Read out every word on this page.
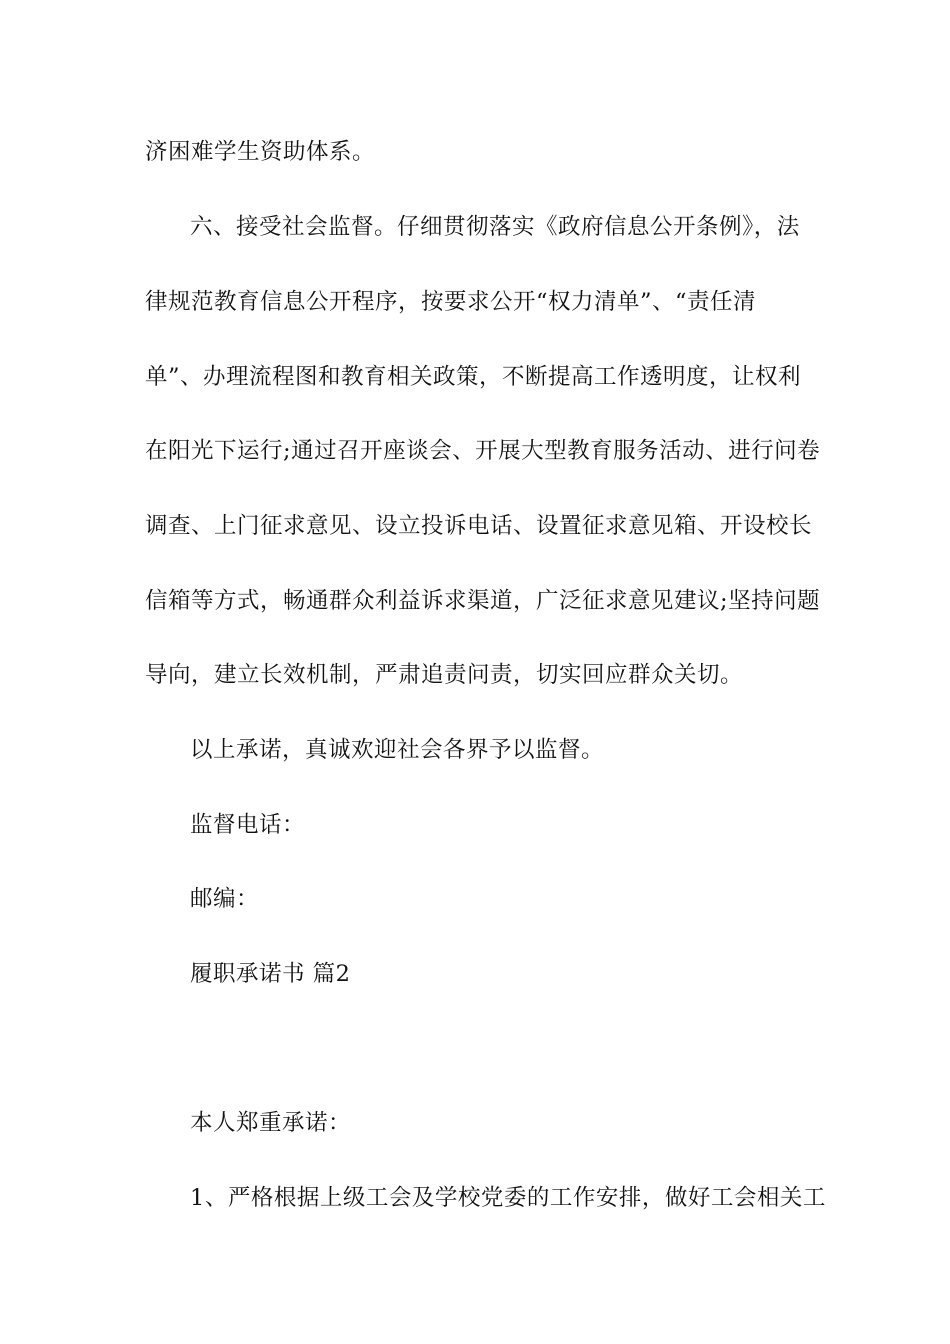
济困难学生资助体系。
六、接受社会监督。仔细贯彻落实《政府信息公开条例》，法
律规范教育信息公开程序，按要求公开“权力清单”、“责任清
单”、办理流程图和教育相关政策，不断提高工作透明度，让权利
在阳光下运行;通过召开座谈会、开展大型教育服务活动、进行问卷
调查、上门征求意见、设立投诉电话、设置征求意见箱、开设校长
信箱等方式，畅通群众利益诉求渠道，广泛征求意见建议;坚持问题
导向，建立长效机制，严肃追责问责，切实回应群众关切。
以上承诺，真诚欢迎社会各界予以监督。
监督电话：
邮编：
履职承诺书 篇2
本人郑重承诺：
1、严格根据上级工会及学校党委的工作安排，做好工会相关工
